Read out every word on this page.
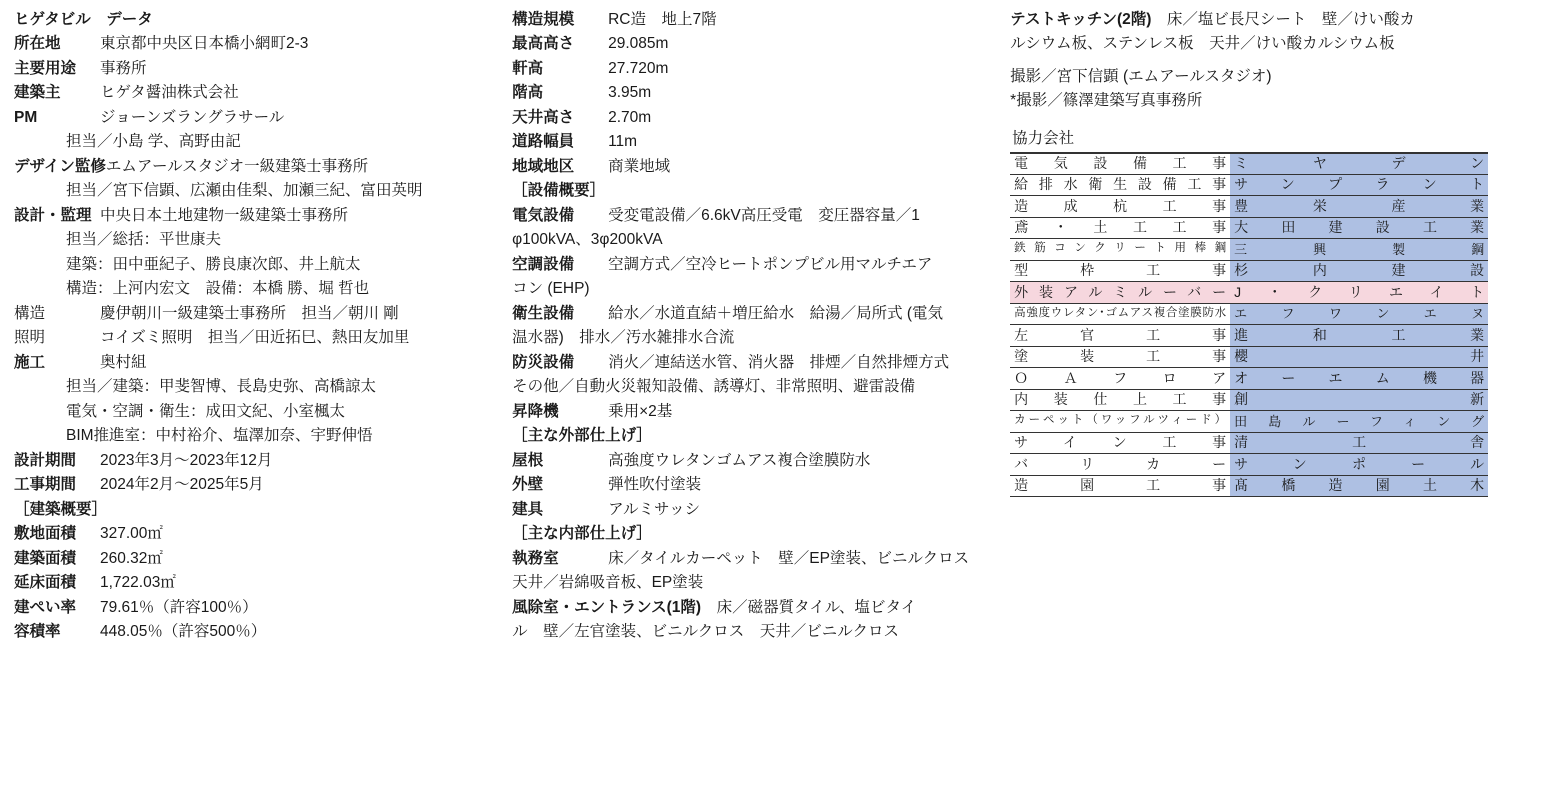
ヒゲタビル　データ
所在地	東京都中央区日本橋小網町2-3
主要用途	事務所
建築主	ヒゲタ醤油株式会社
PM	ジョーンズラングラサール
担当／小島 学、高野由記
デザイン監修 エムアールスタジオ一級建築士事務所
担当／宮下信顕、広瀬由佳梨、加瀬三紀、富田英明
設計・監理 中央日本土地建物一級建築士事務所
担当／総括：平世康夫
建築：田中亜紀子、勝良康次郎、井上航太
構造：上河内宏文　設備：本橋 勝、堀 哲也
構造	慶伊朝川一級建築士事務所　担当／朝川 剛
照明	コイズミ照明　担当／田近拓巳、熱田友加里
施工	奥村組
担当／建築：甲斐智博、長島史弥、高橋諒太
電気・空調・衛生：成田文紀、小室楓太
BIM推進室：中村裕介、塩澤加奈、宇野伸悟
設計期間	2023年3月〜2023年12月
工事期間	2024年2月〜2025年5月
［建築概要］
敷地面積	327.00㎡
建築面積	260.32㎡
延床面積	1,722.03㎡
建ぺい率	79.61％（許容100％）
容積率	448.05％（許容500％）
構造規模	RC造　地上7階
最高高さ	29.085m
軒高	27.720m
階高	3.95m
天井高さ	2.70m
道路幅員	11m
地域地区	商業地域
［設備概要］
電気設備	受変電設備／6.6kV高圧受電　変圧器容量／1
φ100kVA、3φ200kVA
空調設備	空調方式／空冷ヒートポンプビル用マルチエア
コン (EHP)
衛生設備	給水／水道直結＋増圧給水　給湯／局所式 (電気
温水器)　排水／汚水雑排水合流
防災設備	消火／連結送水管、消火器　排煙／自然排煙方式
その他／自動火災報知設備、誘導灯、非常照明、避雷設備
昇降機	乗用×2基
［主な外部仕上げ］
屋根	高強度ウレタンゴムアス複合塗膜防水
外壁	弾性吹付塗装
建具	アルミサッシ
［主な内部仕上げ］
執務室	床／タイルカーペット　壁／EP塗装、ビニルクロス
天井／岩綿吸音板、EP塗装
風除室・エントランス(1階)　床／磁器質タイル、塩ビタイ
ル　壁／左官塗装、ビニルクロス　天井／ビニルクロス
テストキッチン(2階)　床／塩ビ長尺シート　壁／けい酸カ
ルシウム板、ステンレス板　天井／けい酸カルシウム板
撮影／宮下信顕 (エムアールスタジオ)
*撮影／篠澤建築写真事務所
協力会社
電気設備工事	ミヤデン
給排水衛生設備工事	サンプラント
造成杭工事	豊栄産業
鳶・土工工事	大田建設工業
鉄筋コンクリート用棒鋼	三興製鋼
型枠工事	杉内建設
外装アルミルーバー	J・クリエイト
高強度ウレタン･ゴムアス複合塗膜防水	エフワンエヌ
左官工事	進和工業
塗装工事	櫻井
ＯＡフロア	オーエム機器
内装仕上工事	創新
カーペット（ワッフルツィード）	田島ルーフィング
サイン工事	清工舎
バリカー	サンポール
造園工事	髙橋造園土木
